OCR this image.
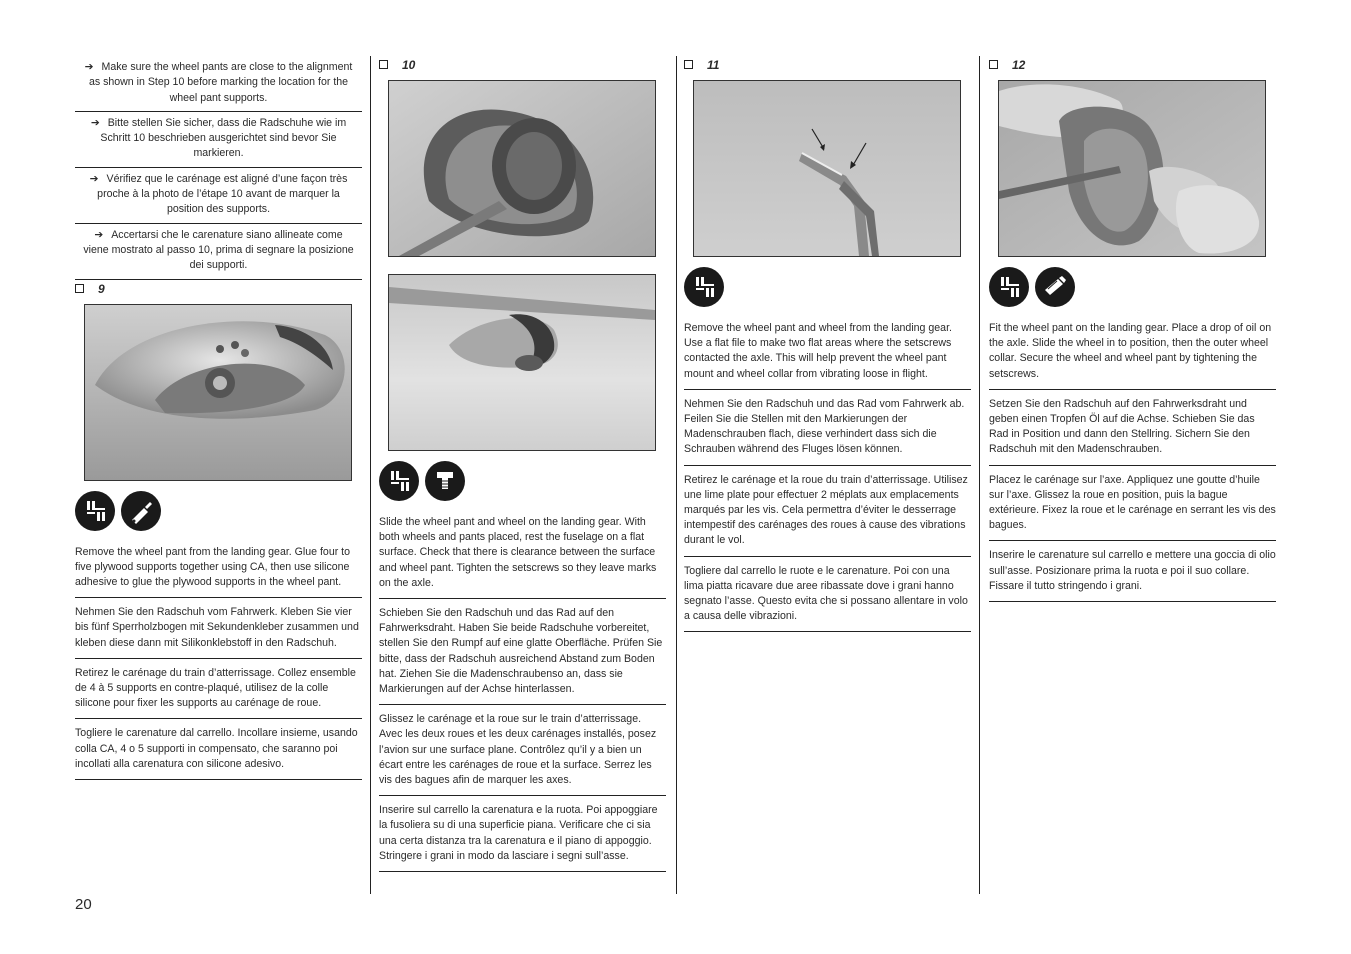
➔ Make sure the wheel pants are close to the alignment as shown in Step 10 before marking the location for the wheel pant supports.
➔ Bitte stellen Sie sicher, dass die Radschuhe wie im Schritt 10 beschrieben ausgerichtet sind bevor Sie markieren.
➔ Vérifiez que le carénage est aligné d’une façon très proche à la photo de l’étape 10 avant de marquer la position des supports.
➔ Accertarsi che le carenature siano allineate come viene mostrato al passo 10, prima di segnare la posizione dei supporti.
9
Remove the wheel pant from the landing gear. Glue four to five plywood supports together using CA, then use silicone adhesive to glue the plywood supports in the wheel pant.
Nehmen Sie den Radschuh vom Fahrwerk. Kleben Sie vier bis fünf Sperrholzbogen mit Sekundenkleber zusammen und kleben diese dann mit Silikonklebstoff in den Radschuh.
Retirez le carénage du train d’atterrissage. Collez ensemble de 4 à 5 supports en contre-plaqué, utilisez de la colle silicone pour fixer les supports au carénage de roue.
Togliere le carenature dal carrello. Incollare insieme, usando colla CA, 4 o 5 supporti in compensato, che saranno poi incollati alla carenatura con silicone adesivo.
10
Slide the wheel pant and wheel on the landing gear. With both wheels and pants placed, rest the fuselage on a flat surface. Check that there is clearance between the surface and wheel pant. Tighten the setscrews so they leave marks on the axle.
Schieben Sie den Radschuh und das Rad auf den Fahrwerksdraht. Haben Sie beide Radschuhe vorbereitet, stellen Sie den Rumpf auf eine glatte Oberfläche. Prüfen Sie bitte, dass der Radschuh ausreichend Abstand zum Boden hat. Ziehen Sie die Madenschraubenso an, dass sie Markierungen auf der Achse hinterlassen.
Glissez le carénage et la roue sur le train d’atterrissage. Avec les deux roues et les deux carénages installés, posez l’avion sur une surface plane. Contrôlez qu’il y a bien un écart entre les carénages de roue et la surface. Serrez les vis des bagues afin de marquer les axes.
Inserire sul carrello la carenatura e la ruota. Poi appoggiare la fusoliera su di una superficie piana. Verificare che ci sia una certa distanza tra la carenatura e il piano di appoggio. Stringere i grani in modo da lasciare i segni sull’asse.
11
Remove the wheel pant and wheel from the landing gear. Use a flat file to make two flat areas where the setscrews contacted the axle. This will help prevent the wheel pant mount and wheel collar from vibrating loose in flight.
Nehmen Sie den Radschuh und das Rad vom Fahrwerk ab. Feilen Sie die Stellen mit den Markierungen der Madenschrauben flach, diese verhindert dass sich die Schrauben während des Fluges lösen können.
Retirez le carénage et la roue du train d’atterrissage. Utilisez une lime plate pour effectuer 2 méplats aux emplacements marqués par les vis. Cela permettra d’éviter le desserrage intempestif des carénages des roues à cause des vibrations durant le vol.
Togliere dal carrello le ruote e le carenature. Poi con una lima piatta ricavare due aree ribassate dove i grani hanno segnato l’asse. Questo evita che si possano allentare in volo a causa delle vibrazioni.
12
Fit the wheel pant on the landing gear. Place a drop of oil on the axle. Slide the wheel in to position, then the outer wheel collar. Secure the wheel and wheel pant by tightening the setscrews.
Setzen Sie den Radschuh auf den Fahrwerksdraht und geben einen Tropfen Öl auf die Achse. Schieben Sie das Rad in Position und dann den Stellring. Sichern Sie den Radschuh mit den Madenschrauben.
Placez le carénage sur l’axe. Appliquez une goutte d’huile sur l’axe. Glissez la roue en position, puis la bague extérieure. Fixez la roue et le carénage en serrant les vis des bagues.
Inserire le carenature sul carrello e mettere una goccia di olio sull’asse. Posizionare prima la ruota e poi il suo collare. Fissare il tutto stringendo i grani.
20
